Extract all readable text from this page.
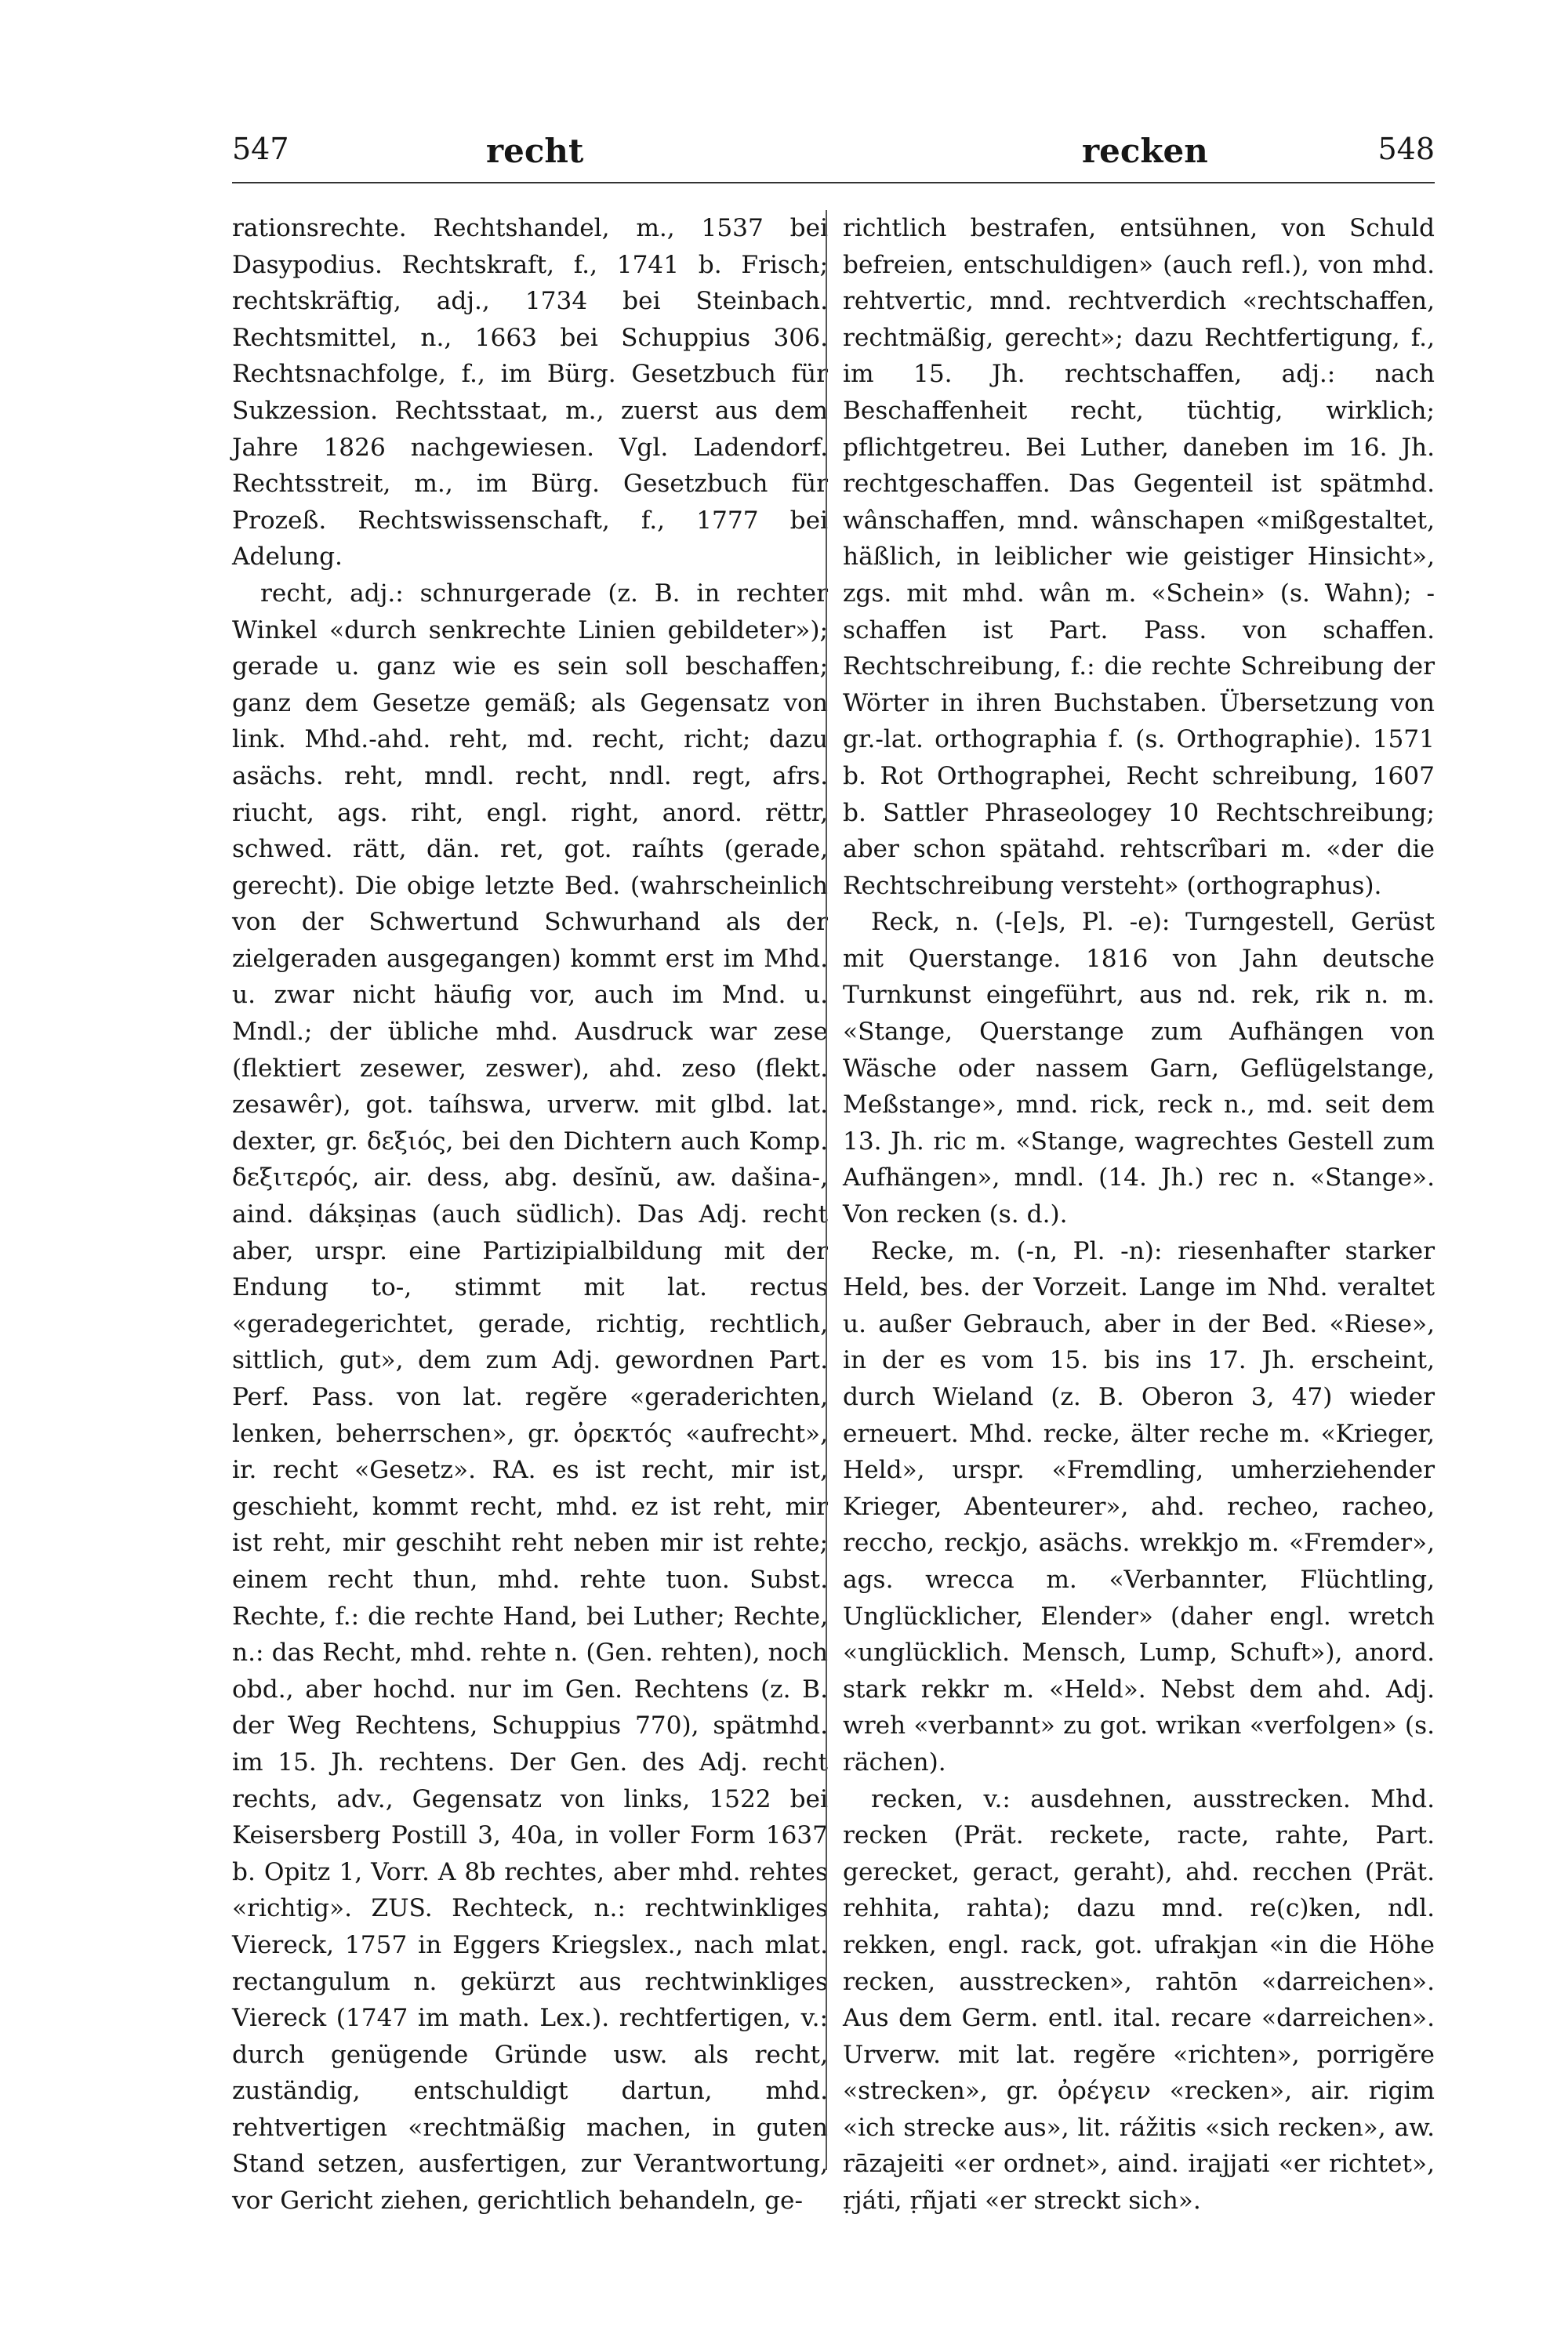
547	recht	recken	548

rationsrechte. Rechtshandel, m., 1537 bei Dasypodius. Rechtskraft, f., 1741 b. Frisch; rechtskräftig, adj., 1734 bei Steinbach. Rechtsmittel, n., 1663 bei Schuppius 306. Rechtsnachfolge, f., im Bürg. Gesetzbuch für Sukzession. Rechtsstaat, m., zuerst aus dem Jahre 1826 nachgewiesen. Vgl. Ladendorf. Rechtsstreit, m., im Bürg. Gesetzbuch für Prozeß. Rechtswissenschaft, f., 1777 bei Adelung.

recht, adj.: schnurgerade (z. B. in rechter Winkel «durch senkrechte Linien gebildeter»); gerade u. ganz wie es sein soll beschaffen; ganz dem Gesetze gemäß; als Gegensatz von link. Mhd.-ahd. reht, md. recht, richt; dazu asächs. reht, mndl. recht, nndl. regt, afrs. riucht, ags. riht, engl. right, anord. rëttr, schwed. rätt, dän. ret, got. raíhts (gerade, gerecht). Die obige letzte Bed. (wahrscheinlich von der Schwertund Schwurhand als der zielgeraden ausgegangen) kommt erst im Mhd. u. zwar nicht häufig vor, auch im Mnd. u. Mndl.; der übliche mhd. Ausdruck war zese (flektiert zesewer, zeswer), ahd. zeso (flekt. zesawêr), got. taíhswa, urverw. mit glbd. lat. dexter, gr. δεξιός, bei den Dichtern auch Komp. δεξιτερός, air. dess, abg. desĭnŭ, aw. dašina-, aind. dákṣiṇas (auch südlich). Das Adj. recht aber, urspr. eine Partizipialbildung mit der Endung to-, stimmt mit lat. rectus «geradegerichtet, gerade, richtig, rechtlich, sittlich, gut», dem zum Adj. gewordnen Part. Perf. Pass. von lat. regĕre «geraderichten, lenken, beherrschen», gr. ὀρεκτός «aufrecht», ir. recht «Gesetz». RA. es ist recht, mir ist, geschieht, kommt recht, mhd. ez ist reht, mir ist reht, mir geschiht reht neben mir ist rehte; einem recht thun, mhd. rehte tuon. Subst. Rechte, f.: die rechte Hand, bei Luther; Rechte, n.: das Recht, mhd. rehte n. (Gen. rehten), noch obd., aber hochd. nur im Gen. Rechtens (z. B. der Weg Rechtens, Schuppius 770), spätmhd. im 15. Jh. rechtens. Der Gen. des Adj. recht rechts, adv., Gegensatz von links, 1522 bei Keisersberg Postill 3, 40a, in voller Form 1637 b. Opitz 1, Vorr. A 8b rechtes, aber mhd. rehtes «richtig». ZUS. Rechteck, n.: rechtwinkliges Viereck, 1757 in Eggers Kriegslex., nach mlat. rectangulum n. gekürzt aus rechtwinkliges Viereck (1747 im math. Lex.). rechtfertigen, v.: durch genügende Gründe usw. als recht, zuständig, entschuldigt dartun, mhd. rehtvertigen «rechtmäßig machen, in guten Stand setzen, ausfertigen, zur Verantwortung, vor Gericht ziehen, gerichtlich behandeln, ge-

richtlich bestrafen, entsühnen, von Schuld befreien, entschuldigen» (auch refl.), von mhd. rehtvertic, mnd. rechtverdich «rechtschaffen, rechtmäßig, gerecht»; dazu Rechtfertigung, f., im 15. Jh. rechtschaffen, adj.: nach Beschaffenheit recht, tüchtig, wirklich; pflichtgetreu. Bei Luther, daneben im 16. Jh. rechtgeschaffen. Das Gegenteil ist spätmhd. wânschaffen, mnd. wânschapen «mißgestaltet, häßlich, in leiblicher wie geistiger Hinsicht», zgs. mit mhd. wân m. «Schein» (s. Wahn); -schaffen ist Part. Pass. von schaffen. Rechtschreibung, f.: die rechte Schreibung der Wörter in ihren Buchstaben. Übersetzung von gr.-lat. orthographia f. (s. Orthographie). 1571 b. Rot Orthographei, Recht schreibung, 1607 b. Sattler Phraseologey 10 Rechtschreibung; aber schon spätahd. rehtscrîbari m. «der die Rechtschreibung versteht» (orthographus).

Reck, n. (-[e]s, Pl. -e): Turngestell, Gerüst mit Querstange. 1816 von Jahn deutsche Turnkunst eingeführt, aus nd. rek, rik n. m. «Stange, Querstange zum Aufhängen von Wäsche oder nassem Garn, Geflügelstange, Meßstange», mnd. rick, reck n., md. seit dem 13. Jh. ric m. «Stange, wagrechtes Gestell zum Aufhängen», mndl. (14. Jh.) rec n. «Stange». Von recken (s. d.).

Recke, m. (-n, Pl. -n): riesenhafter starker Held, bes. der Vorzeit. Lange im Nhd. veraltet u. außer Gebrauch, aber in der Bed. «Riese», in der es vom 15. bis ins 17. Jh. erscheint, durch Wieland (z. B. Oberon 3, 47) wieder erneuert. Mhd. recke, älter reche m. «Krieger, Held», urspr. «Fremdling, umherziehender Krieger, Abenteurer», ahd. recheo, racheo, reccho, reckjo, asächs. wrekkjo m. «Fremder», ags. wrecca m. «Verbannter, Flüchtling, Unglücklicher, Elender» (daher engl. wretch «unglücklich. Mensch, Lump, Schuft»), anord. stark rekkr m. «Held». Nebst dem ahd. Adj. wreh «verbannt» zu got. wrikan «verfolgen» (s. rächen).

recken, v.: ausdehnen, ausstrecken. Mhd. recken (Prät. reckete, racte, rahte, Part. gerecket, geract, geraht), ahd. recchen (Prät. rehhita, rahta); dazu mnd. re(c)ken, ndl. rekken, engl. rack, got. ufrakjan «in die Höhe recken, ausstrecken», rahtōn «darreichen». Aus dem Germ. entl. ital. recare «darreichen». Urverw. mit lat. regĕre «richten», porrigĕre «strecken», gr. ὀρέγειν «recken», air. rigim «ich strecke aus», lit. rážitis «sich recken», aw. rāzajeiti «er ordnet», aind. irajjati «er richtet», ṛjáti, ṛñjati «er streckt sich».
